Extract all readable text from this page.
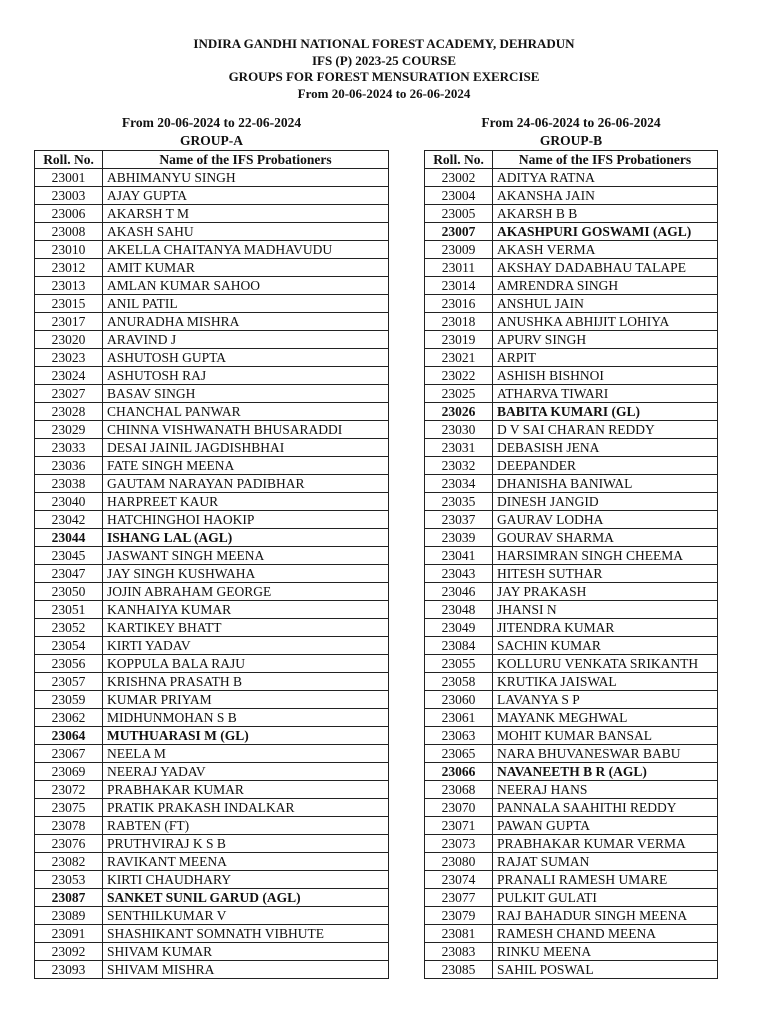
INDIRA GANDHI NATIONAL FOREST ACADEMY, DEHRADUN
IFS (P) 2023-25 COURSE
GROUPS FOR FOREST MENSURATION EXERCISE
From 20-06-2024 to 26-06-2024
From 20-06-2024 to 22-06-2024
GROUP-A
Roll. No.	Name of the IFS Probationers
23001	ABHIMANYU SINGH
23003	AJAY GUPTA
23006	AKARSH T M
23008	AKASH SAHU
23010	AKELLA CHAITANYA MADHAVUDU
23012	AMIT KUMAR
23013	AMLAN KUMAR SAHOO
23015	ANIL PATIL
23017	ANURADHA MISHRA
23020	ARAVIND J
23023	ASHUTOSH GUPTA
23024	ASHUTOSH RAJ
23027	BASAV SINGH
23028	CHANCHAL PANWAR
23029	CHINNA VISHWANATH BHUSARADDI
23033	DESAI JAINIL JAGDISHBHAI
23036	FATE SINGH MEENA
23038	GAUTAM NARAYAN PADIBHAR
23040	HARPREET KAUR
23042	HATCHINGHOI HAOKIP
23044	ISHANG LAL (AGL)
23045	JASWANT SINGH MEENA
23047	JAY SINGH KUSHWAHA
23050	JOJIN ABRAHAM GEORGE
23051	KANHAIYA KUMAR
23052	KARTIKEY BHATT
23054	KIRTI YADAV
23056	KOPPULA BALA RAJU
23057	KRISHNA PRASATH B
23059	KUMAR PRIYAM
23062	MIDHUNMOHAN S B
23064	MUTHUARASI M (GL)
23067	NEELA M
23069	NEERAJ YADAV
23072	PRABHAKAR KUMAR
23075	PRATIK PRAKASH INDALKAR
23078	RABTEN (FT)
23076	PRUTHVIRAJ K S B
23082	RAVIKANT MEENA
23053	KIRTI CHAUDHARY
23087	SANKET SUNIL GARUD (AGL)
23089	SENTHILKUMAR V
23091	SHASHIKANT SOMNATH VIBHUTE
23092	SHIVAM KUMAR
23093	SHIVAM MISHRA
From 24-06-2024 to 26-06-2024
GROUP-B
Roll. No.	Name of the IFS Probationers
23002	ADITYA RATNA
23004	AKANSHA JAIN
23005	AKARSH B B
23007	AKASHPURI GOSWAMI (AGL)
23009	AKASH VERMA
23011	AKSHAY DADABHAU TALAPE
23014	AMRENDRA SINGH
23016	ANSHUL JAIN
23018	ANUSHKA ABHIJIT LOHIYA
23019	APURV SINGH
23021	ARPIT
23022	ASHISH BISHNOI
23025	ATHARVA TIWARI
23026	BABITA KUMARI (GL)
23030	D V SAI CHARAN REDDY
23031	DEBASISH JENA
23032	DEEPANDER
23034	DHANISHA BANIWAL
23035	DINESH JANGID
23037	GAURAV LODHA
23039	GOURAV SHARMA
23041	HARSIMRAN SINGH CHEEMA
23043	HITESH SUTHAR
23046	JAY PRAKASH
23048	JHANSI N
23049	JITENDRA KUMAR
23084	SACHIN KUMAR
23055	KOLLURU VENKATA SRIKANTH
23058	KRUTIKA JAISWAL
23060	LAVANYA S P
23061	MAYANK MEGHWAL
23063	MOHIT KUMAR BANSAL
23065	NARA BHUVANESWAR BABU
23066	NAVANEETH B R (AGL)
23068	NEERAJ HANS
23070	PANNALA SAAHITHI REDDY
23071	PAWAN GUPTA
23073	PRABHAKAR KUMAR VERMA
23080	RAJAT SUMAN
23074	PRANALI RAMESH UMARE
23077	PULKIT GULATI
23079	RAJ BAHADUR SINGH MEENA
23081	RAMESH CHAND MEENA
23083	RINKU MEENA
23085	SAHIL POSWAL
